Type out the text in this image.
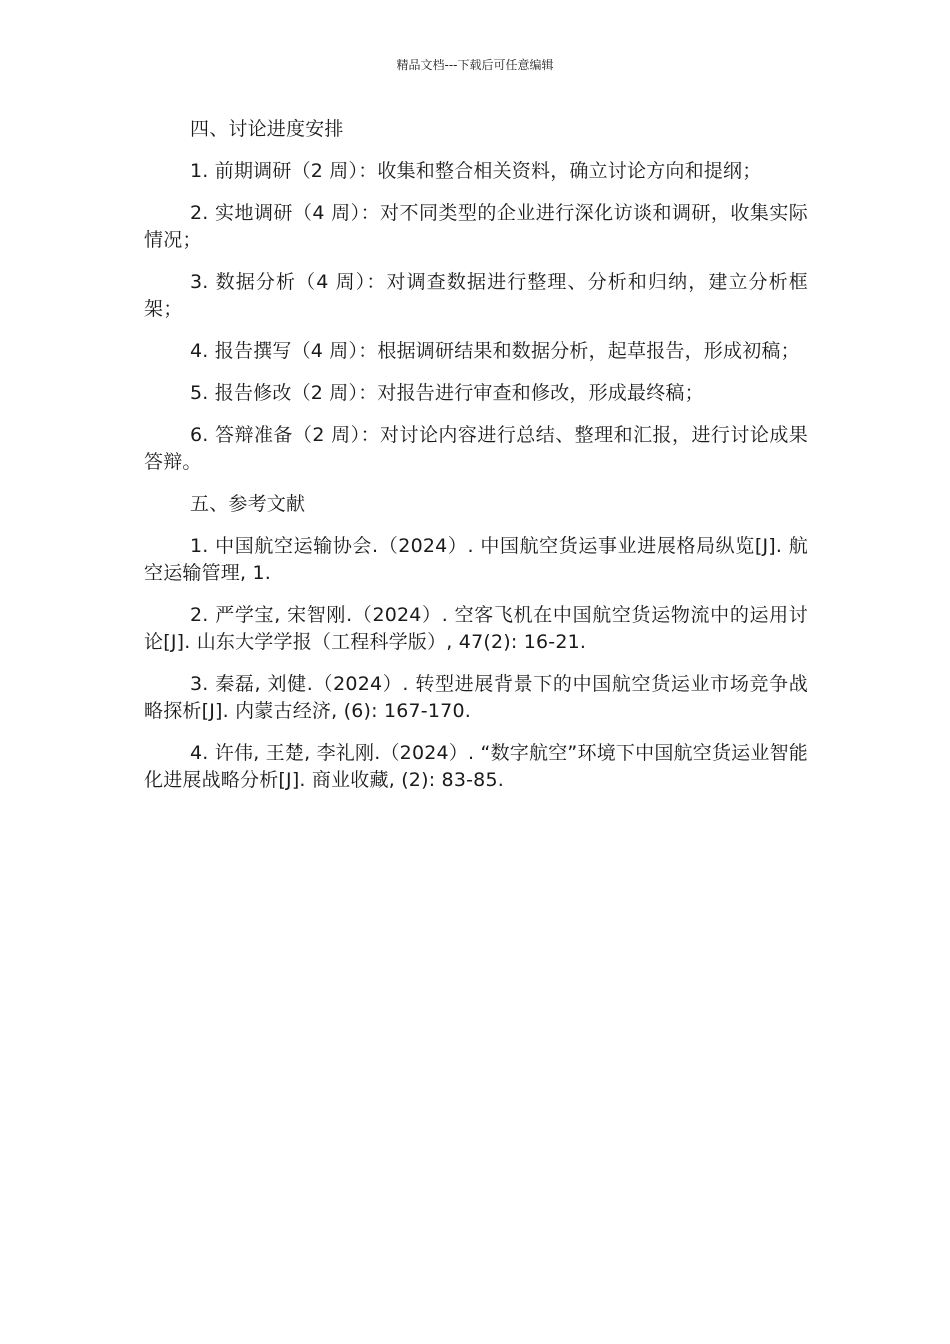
精品文档---下载后可任意编辑

四、讨论进度安排

1. 前期调研（2 周）：收集和整合相关资料，确立讨论方向和提纲；

2. 实地调研（4 周）：对不同类型的企业进行深化访谈和调研，收集实际情况；

3. 数据分析（4 周）：对调查数据进行整理、分析和归纳，建立分析框架；

4. 报告撰写（4 周）：根据调研结果和数据分析，起草报告，形成初稿；

5. 报告修改（2 周）：对报告进行审查和修改，形成最终稿；

6. 答辩准备（2 周）：对讨论内容进行总结、整理和汇报，进行讨论成果答辩。

五、参考文献

1. 中国航空运输协会.（2024）. 中国航空货运事业进展格局纵览[J]. 航空运输管理, 1.

2. 严学宝, 宋智刚.（2024）. 空客飞机在中国航空货运物流中的运用讨论[J]. 山东大学学报（工程科学版）, 47(2): 16-21.

3. 秦磊, 刘健.（2024）. 转型进展背景下的中国航空货运业市场竞争战略探析[J]. 内蒙古经济, (6): 167-170.

4. 许伟, 王楚, 李礼刚.（2024）. “数字航空”环境下中国航空货运业智能化进展战略分析[J]. 商业收藏, (2): 83-85.
